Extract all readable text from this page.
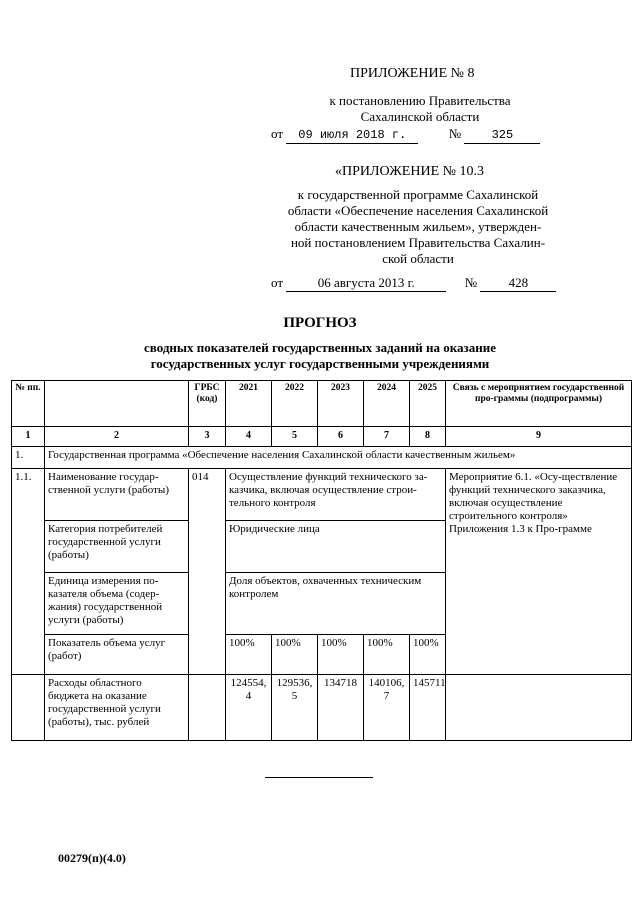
ПРИЛОЖЕНИЕ № 8
к постановлению Правительства
Сахалинской области
от 09 июля 2018 г.	№	325
«ПРИЛОЖЕНИЕ № 10.3
к государственной программе Сахалинской
области «Обеспечение населения Сахалинской
области качественным жильем», утвержден-
ной постановлением Правительства Сахалин-
ской области
от	06 августа 2013 г.	№ 428
ПРОГНОЗ
сводных показателей государственных заданий на оказание
государственных услуг государственными учреждениями
№ пп.		ГРБС (код)	2021	2022	2023	2024	2025	Связь с мероприятием государственной про-граммы (подпрограммы)
1	2	3	4	5	6	7	8	9
1.	Государственная программа «Обеспечение населения Сахалинской области качественным жильем»							
1.1.	Наименование государ-ственной услуги (работы)	014	Осуществление функций технического за-казчика, включая осуществление строи-тельного контроля					Мероприятие 6.1. «Осу-ществление функций технического заказчика, включая осуществление строительного контроля» Приложения 1.3 к Про-грамме
	Категория потребителей государственной услуги (работы)		Юридические лица					
	Единица измерения по-казателя объема (содер-жания) государственной услуги (работы)		Доля объектов, охваченных техническим контролем					
	Показатель объема услуг (работ)		100%	100%	100%	100%	100%	
	Расходы областного бюджета на оказание государственной услуги (работы), тыс. рублей		124554, 4	129536, 5	134718	140106, 7	145711	
00279(п)(4.0)
